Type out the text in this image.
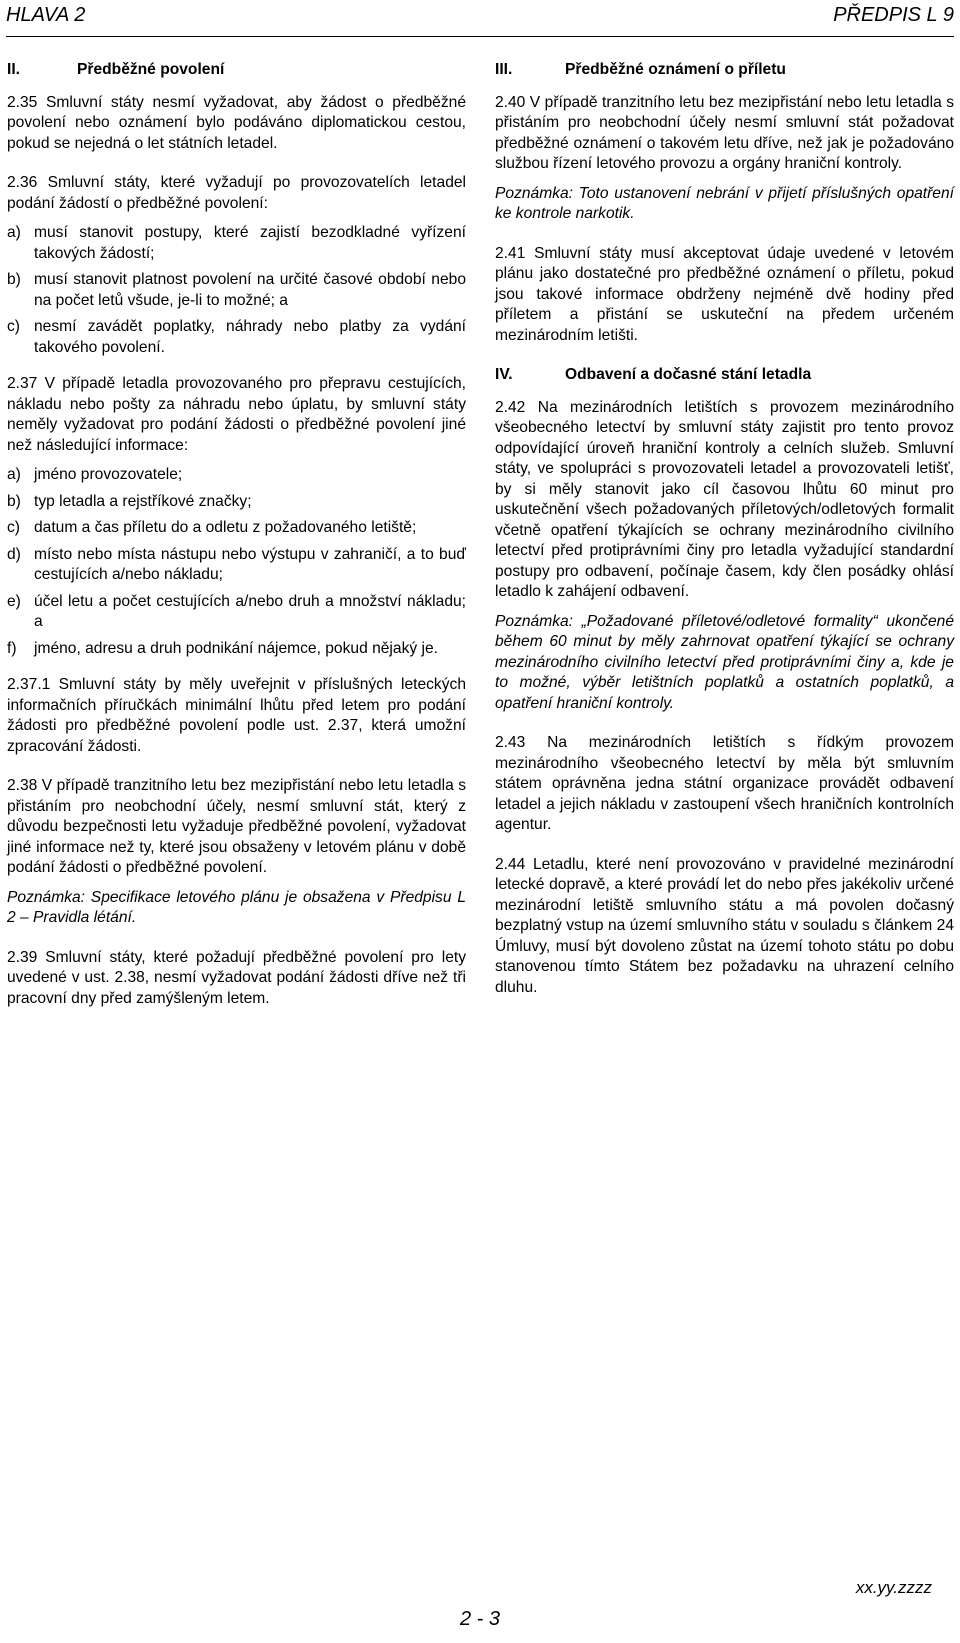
HLAVA 2	PŘEDPIS L 9
II.	Předběžné povolení

2.35 Smluvní státy nesmí vyžadovat, aby žádost o předběžné povolení nebo oznámení bylo podáváno diplomatickou cestou, pokud se nejedná o let státních letadel.

2.36 Smluvní státy, které vyžadují po provozovatelích letadel podání žádostí o předběžné povolení:

a) musí stanovit postupy, které zajistí bezodkladné vyřízení takových žádostí;
b) musí stanovit platnost povolení na určité časové období nebo na počet letů všude, je-li to možné; a
c) nesmí zavádět poplatky, náhrady nebo platby za vydání takového povolení.

2.37 V případě letadla provozovaného pro přepravu cestujících, nákladu nebo pošty za náhradu nebo úplatu, by smluvní státy neměly vyžadovat pro podání žádosti o předběžné povolení jiné než následující informace:

a) jméno provozovatele;
b) typ letadla a rejstříkové značky;
c) datum a čas příletu do a odletu z požadovaného letiště;
d) místo nebo místa nástupu nebo výstupu v zahraničí, a to buď cestujících a/nebo nákladu;
e) účel letu a počet cestujících a/nebo druh a množství nákladu; a
f)	jméno, adresu a druh podnikání nájemce, pokud nějaký je.

2.37.1 Smluvní státy by měly uveřejnit v příslušných leteckých informačních příručkách minimální lhůtu před letem pro podání žádosti pro předběžné povolení podle ust. 2.37, která umožní zpracování žádosti.

2.38 V případě tranzitního letu bez mezipřistání nebo letu letadla s přistáním pro neobchodní účely, nesmí smluvní stát, který z důvodu bezpečnosti letu vyžaduje předběžné povolení, vyžadovat jiné informace než ty, které jsou obsaženy v letovém plánu v době podání žádosti o předběžné povolení.

Poznámka: Specifikace letového plánu je obsažena v Předpisu L 2 – Pravidla létání.

2.39 Smluvní státy, které požadují předběžné povolení pro lety uvedené v ust. 2.38, nesmí vyžadovat podání žádosti dříve než tři pracovní dny před zamýšleným letem.

III.	Předběžné oznámení o příletu

2.40 V případě tranzitního letu bez mezipřistání nebo letu letadla s přistáním pro neobchodní účely nesmí smluvní stát požadovat předběžné oznámení o takovém letu dříve, než jak je požadováno službou řízení letového provozu a orgány hraniční kontroly.

Poznámka: Toto ustanovení nebrání v přijetí příslušných opatření ke kontrole narkotik.

2.41 Smluvní státy musí akceptovat údaje uvedené v letovém plánu jako dostatečné pro předběžné oznámení o příletu, pokud jsou takové informace obdrženy nejméně dvě hodiny před příletem a přistání se uskuteční na předem určeném mezinárodním letišti.

IV.	Odbavení a dočasné stání letadla

2.42 Na mezinárodních letištích s provozem mezinárodního všeobecného letectví by smluvní státy zajistit pro tento provoz odpovídající úroveň hraniční kontroly a celních služeb. Smluvní státy, ve spolupráci s provozovateli letadel a provozovateli letišť, by si měly stanovit jako cíl časovou lhůtu 60 minut pro uskutečnění všech požadovaných příletových/odletových formalit včetně opatření týkajících se ochrany mezinárodního civilního letectví před protiprávními činy pro letadla vyžadující standardní postupy pro odbavení, počínaje časem, kdy člen posádky ohlásí letadlo k zahájení odbavení.

Poznámka: „Požadované příletové/odletové formality“ ukončené během 60 minut by měly zahrnovat opatření týkající se ochrany mezinárodního civilního letectví před protiprávními činy a, kde je to možné, výběr letištních poplatků a ostatních poplatků, a opatření hraniční kontroly.

2.43 Na mezinárodních letištích s řídkým provozem mezinárodního všeobecného letectví by měla být smluvním státem oprávněna jedna státní organizace provádět odbavení letadel a jejich nákladu v zastoupení všech hraničních kontrolních agentur.

2.44 Letadlu, které není provozováno v pravidelné mezinárodní letecké dopravě, a které provádí let do nebo přes jakékoliv určené mezinárodní letiště smluvního státu a má povolen dočasný bezplatný vstup na území smluvního státu v souladu s článkem 24 Úmluvy, musí být dovoleno zůstat na území tohoto státu po dobu stanovenou tímto Státem bez požadavku na uhrazení celního dluhu.

xx.yy.zzzz
2 - 3
